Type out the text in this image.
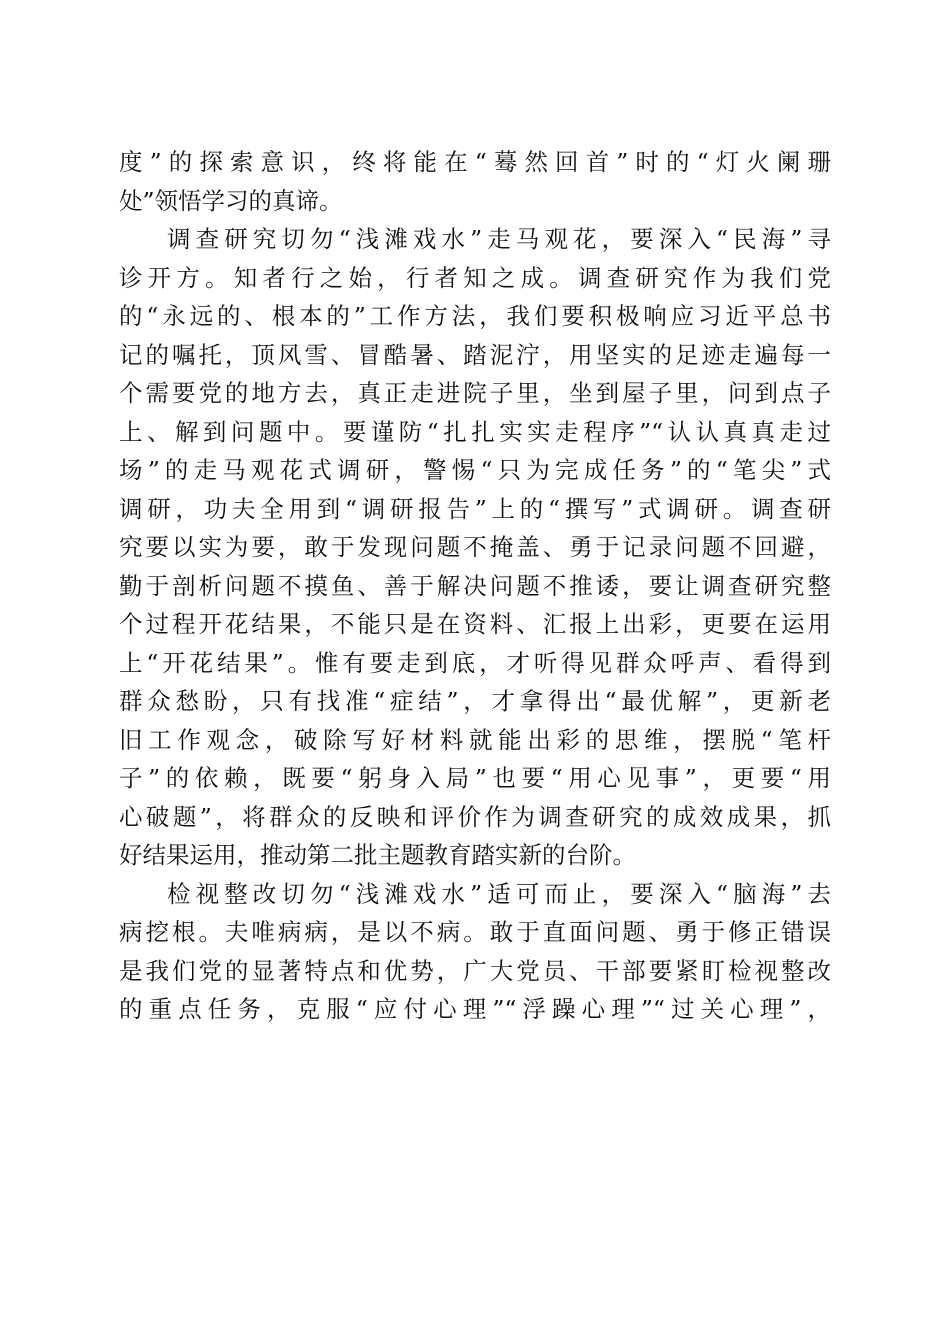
度”的探索意识，终将能在“蓦然回首”时的“灯火阑珊
处”领悟学习的真谛。
调查研究切勿“浅滩戏水”走马观花，要深入“民海”寻
诊开方。知者行之始，行者知之成。调查研究作为我们党
的“永远的、根本的”工作方法，我们要积极响应习近平总书
记的嘱托，顶风雪、冒酷暑、踏泥泞，用坚实的足迹走遍每一
个需要党的地方去，真正走进院子里，坐到屋子里，问到点子
上、解到问题中。要谨防“扎扎实实走程序”“认认真真走过
场”的走马观花式调研，警惕“只为完成任务”的“笔尖”式
调研，功夫全用到“调研报告”上的“撰写”式调研。调查研
究要以实为要，敢于发现问题不掩盖、勇于记录问题不回避，
勤于剖析问题不摸鱼、善于解决问题不推诿，要让调查研究整
个过程开花结果，不能只是在资料、汇报上出彩，更要在运用
上“开花结果”。惟有要走到底，才听得见群众呼声、看得到
群众愁盼，只有找准“症结”，才拿得出“最优解”，更新老
旧工作观念，破除写好材料就能出彩的思维，摆脱“笔杆
子”的依赖，既要“躬身入局”也要“用心见事”，更要“用
心破题”，将群众的反映和评价作为调查研究的成效成果，抓
好结果运用，推动第二批主题教育踏实新的台阶。
检视整改切勿“浅滩戏水”适可而止，要深入“脑海”去
病挖根。夫唯病病，是以不病。敢于直面问题、勇于修正错误
是我们党的显著特点和优势，广大党员、干部要紧盯检视整改
的重点任务，克服“应付心理”“浮躁心理”“过关心理”，
